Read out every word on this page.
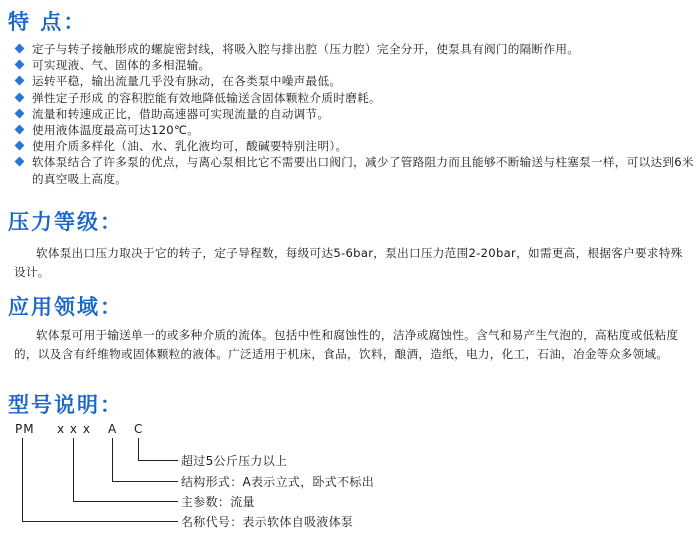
特 点：
定子与转子接触形成的螺旋密封线，将吸入腔与排出腔（压力腔）完全分开，使泵具有阀门的隔断作用。
可实现液、气、固体的多相混输。
运转平稳，输出流量几乎没有脉动，在各类泵中噪声最低。
弹性定子形成 的容积腔能有效地降低输送含固体颗粒介质时磨耗。
流量和转速成正比，借助高速器可实现流量的自动调节。
使用液体温度最高可达120℃。
使用介质多样化（油、水、乳化液均可，酸碱要特别注明）。
软体泵结合了许多泵的优点，与离心泵相比它不需要出口阀门，减少了管路阻力而且能够不断输送与柱塞泵一样，可以达到6米的真空吸上高度。
压力等级：

软体泵出口压力取决于它的转子，定子导程数，每级可达5-6bar，泵出口压力范围2-20bar，如需更高，根据客户要求特殊设计。

应用领域：

软体泵可用于输送单一的或多种介质的流体。包括中性和腐蚀性的，洁净或腐蚀性。含气和易产生气泡的，高粘度或低粘度的，以及含有纤维物或固体颗粒的液体。广泛适用于机床，食品，饮料，酿酒，造纸，电力，化工，石油，冶金等众多领域。

型号说明：
PM x x x A C
超过5公斤压力以上
结构形式：A表示立式，卧式不标出
主参数：流量
名称代号：表示软体自吸液体泵
